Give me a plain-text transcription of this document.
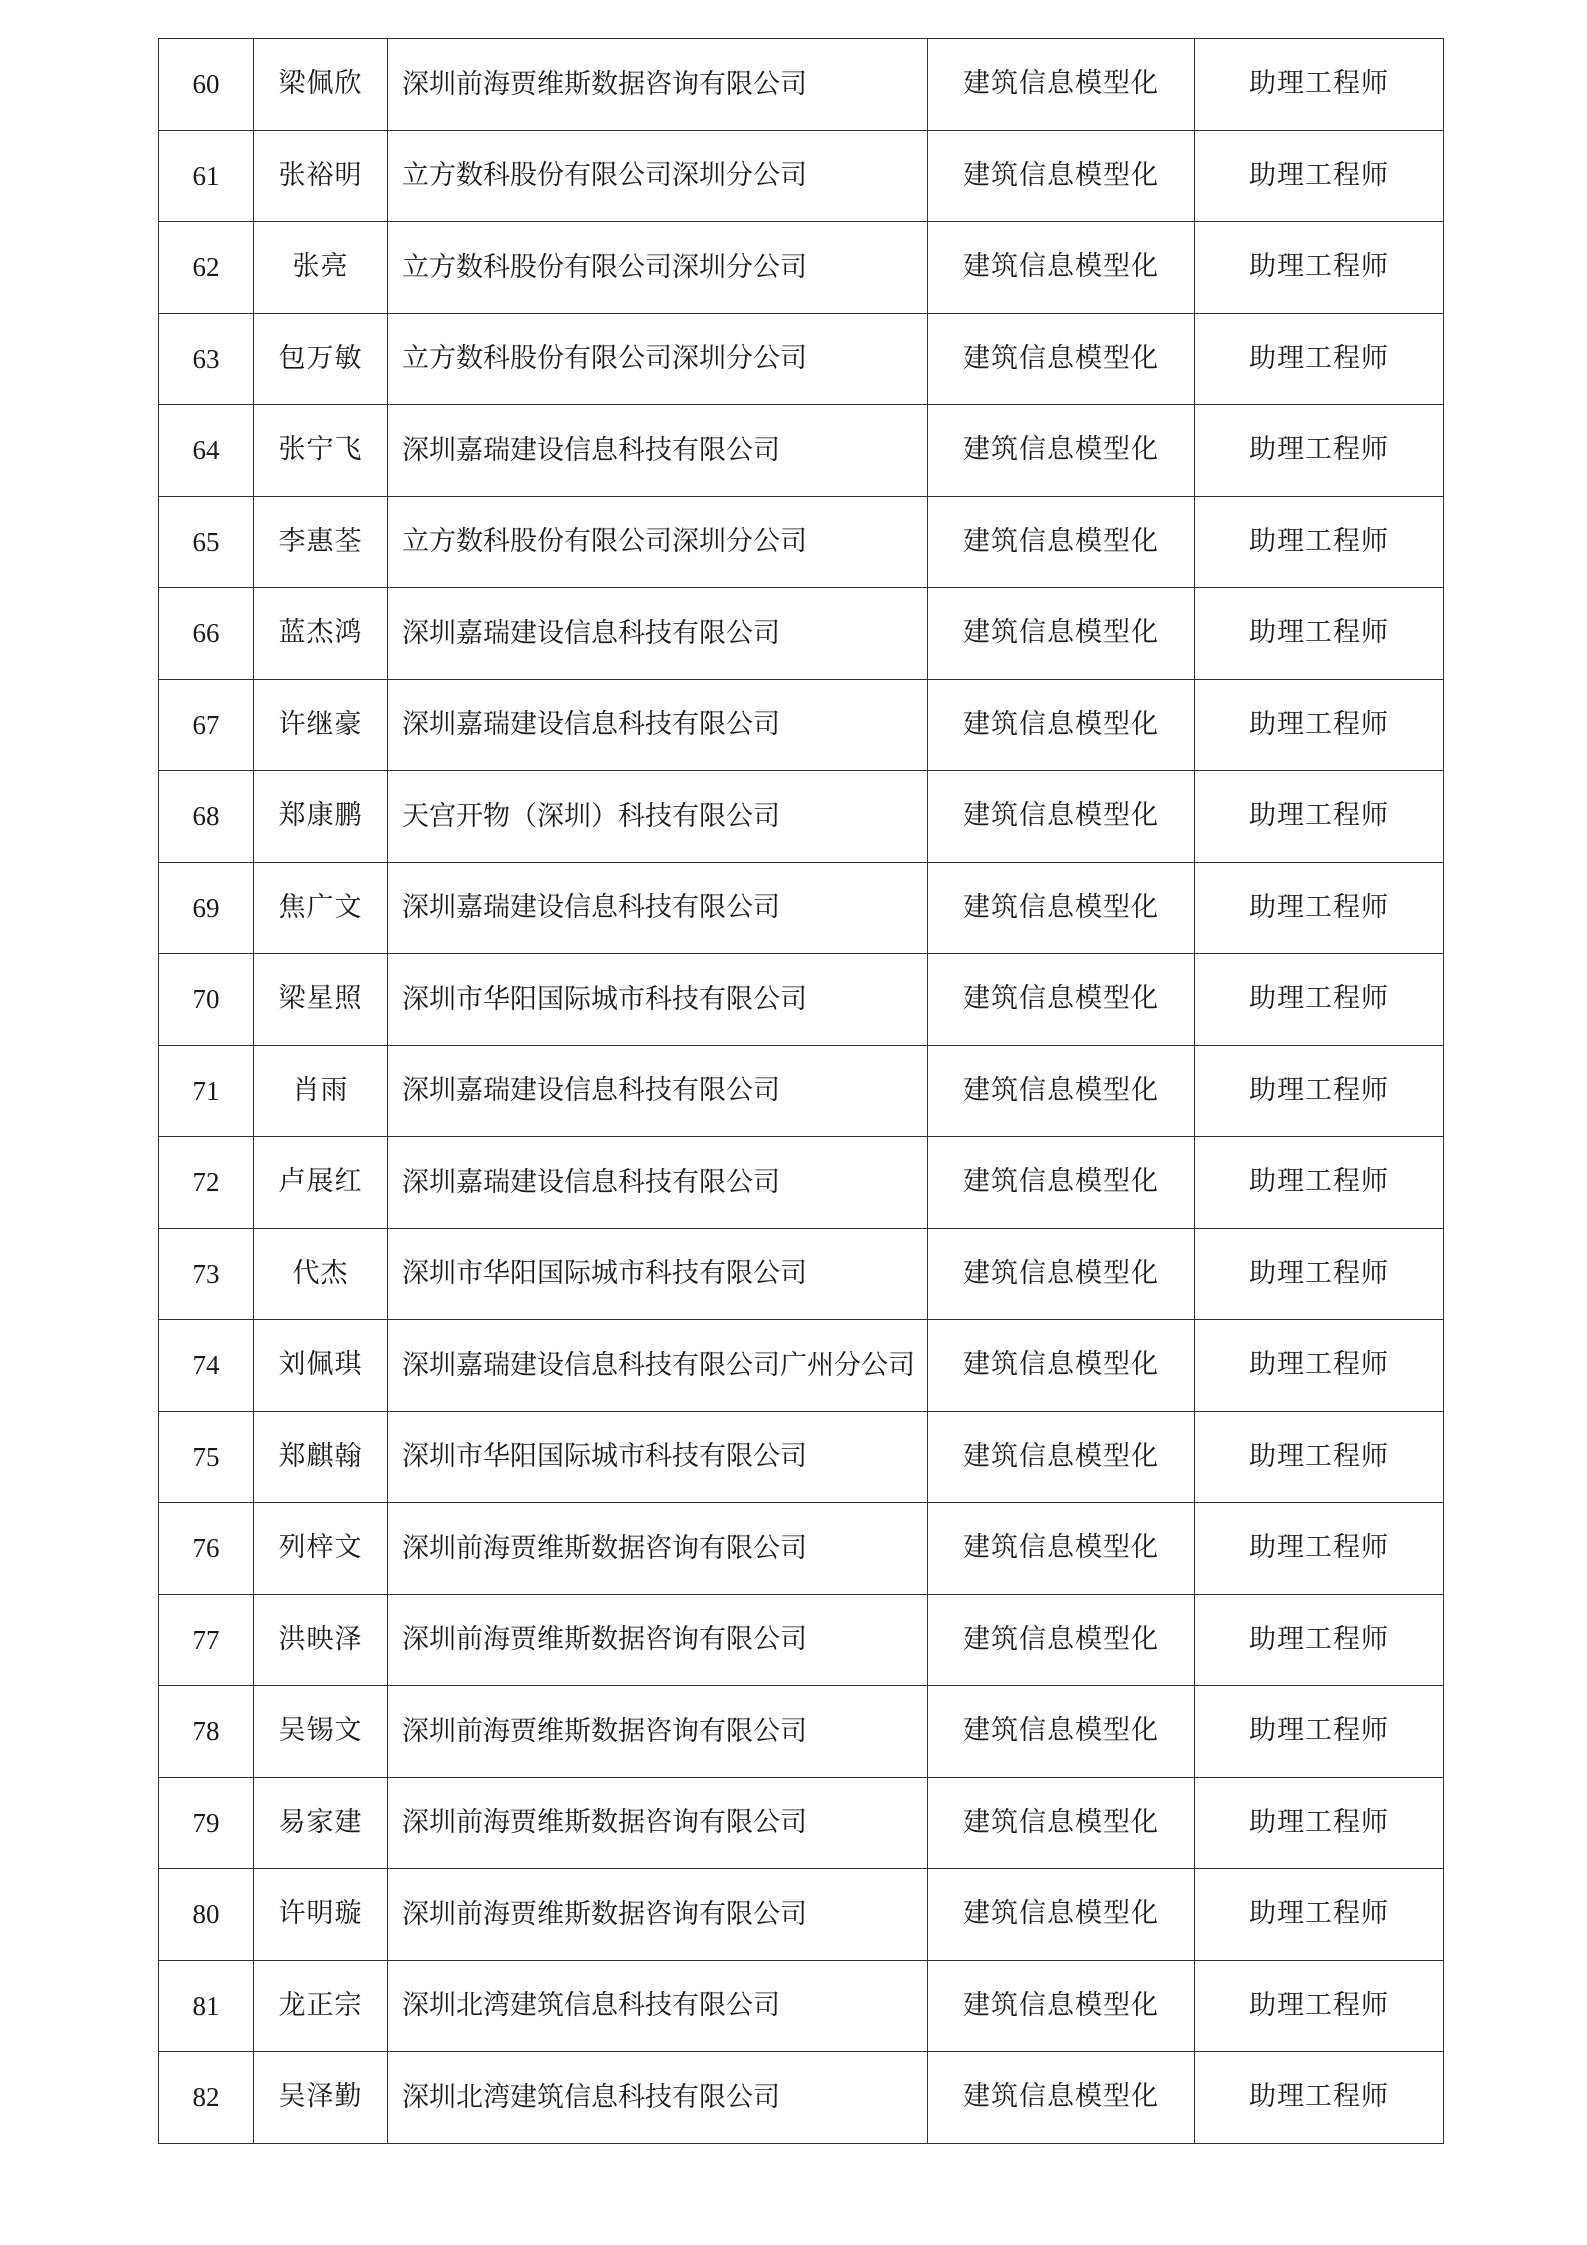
60	梁佩欣	深圳前海贾维斯数据咨询有限公司	建筑信息模型化	助理工程师
61	张裕明	立方数科股份有限公司深圳分公司	建筑信息模型化	助理工程师
62	张亮	立方数科股份有限公司深圳分公司	建筑信息模型化	助理工程师
63	包万敏	立方数科股份有限公司深圳分公司	建筑信息模型化	助理工程师
64	张宁飞	深圳嘉瑞建设信息科技有限公司	建筑信息模型化	助理工程师
65	李惠荃	立方数科股份有限公司深圳分公司	建筑信息模型化	助理工程师
66	蓝杰鸿	深圳嘉瑞建设信息科技有限公司	建筑信息模型化	助理工程师
67	许继豪	深圳嘉瑞建设信息科技有限公司	建筑信息模型化	助理工程师
68	郑康鹏	天宫开物（深圳）科技有限公司	建筑信息模型化	助理工程师
69	焦广文	深圳嘉瑞建设信息科技有限公司	建筑信息模型化	助理工程师
70	梁星照	深圳市华阳国际城市科技有限公司	建筑信息模型化	助理工程师
71	肖雨	深圳嘉瑞建设信息科技有限公司	建筑信息模型化	助理工程师
72	卢展红	深圳嘉瑞建设信息科技有限公司	建筑信息模型化	助理工程师
73	代杰	深圳市华阳国际城市科技有限公司	建筑信息模型化	助理工程师
74	刘佩琪	深圳嘉瑞建设信息科技有限公司广州分公司	建筑信息模型化	助理工程师
75	郑麒翰	深圳市华阳国际城市科技有限公司	建筑信息模型化	助理工程师
76	列梓文	深圳前海贾维斯数据咨询有限公司	建筑信息模型化	助理工程师
77	洪映泽	深圳前海贾维斯数据咨询有限公司	建筑信息模型化	助理工程师
78	吴锡文	深圳前海贾维斯数据咨询有限公司	建筑信息模型化	助理工程师
79	易家建	深圳前海贾维斯数据咨询有限公司	建筑信息模型化	助理工程师
80	许明璇	深圳前海贾维斯数据咨询有限公司	建筑信息模型化	助理工程师
81	龙正宗	深圳北湾建筑信息科技有限公司	建筑信息模型化	助理工程师
82	吴泽勤	深圳北湾建筑信息科技有限公司	建筑信息模型化	助理工程师
